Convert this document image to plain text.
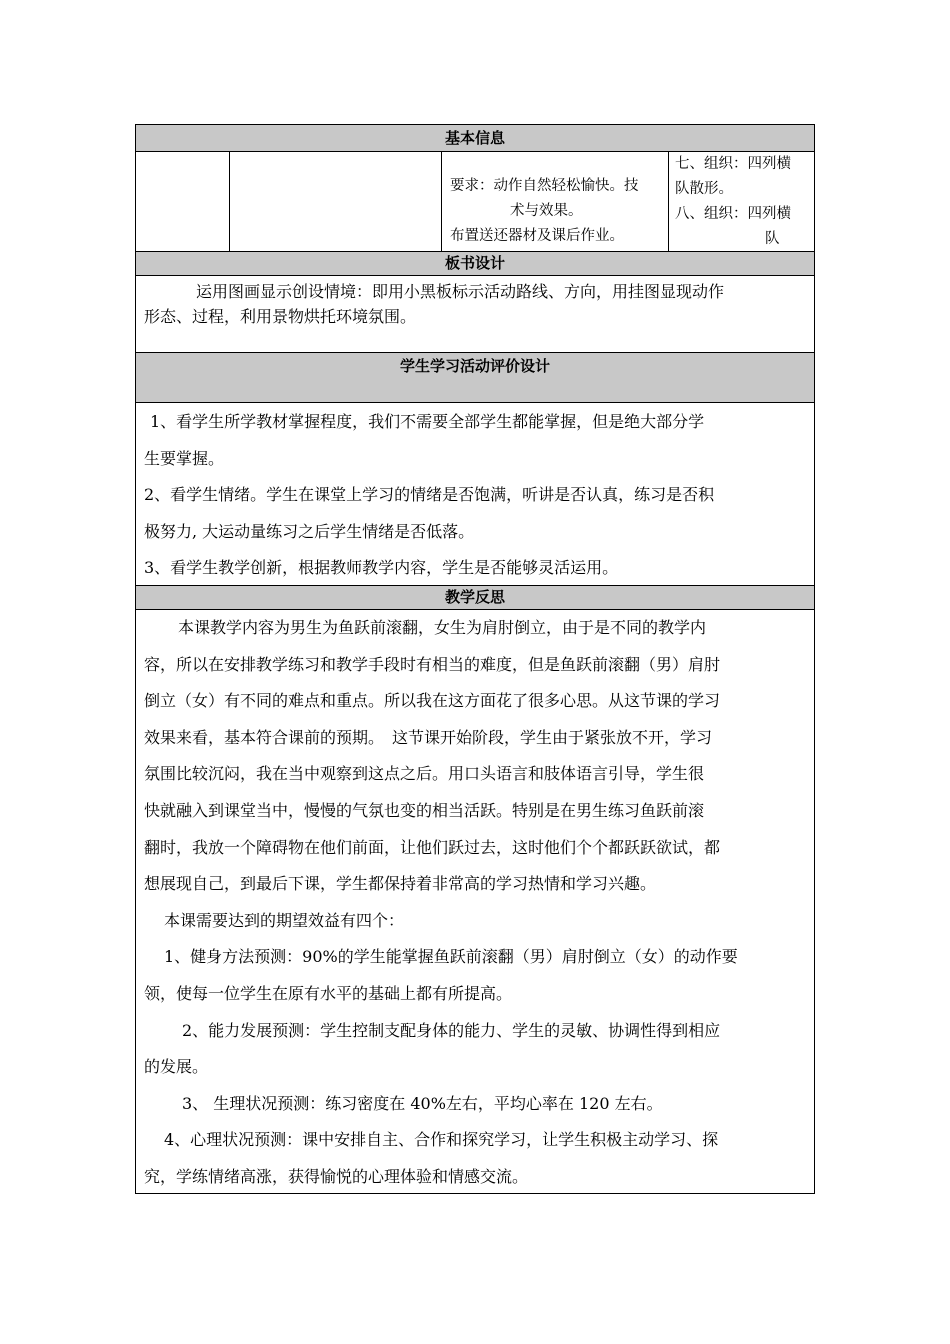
基本信息
要求：动作自然轻松愉快。技
术与效果。
布置送还器材及课后作业。
七、组织：四列横
队散形。
八、组织：四列横
队
板书设计
运用图画显示创设情境：即用小黑板标示活动路线、方向，用挂图显现动作
形态、过程，利用景物烘托环境氛围。
学生学习活动评价设计
1、看学生所学教材掌握程度，我们不需要全部学生都能掌握，但是绝大部分学
生要掌握。
2、看学生情绪。学生在课堂上学习的情绪是否饱满，听讲是否认真，练习是否积
极努力, 大运动量练习之后学生情绪是否低落。
3、看学生教学创新，根据教师教学内容，学生是否能够灵活运用。
教学反思
本课教学内容为男生为鱼跃前滚翻，女生为肩肘倒立，由于是不同的教学内
容，所以在安排教学练习和教学手段时有相当的难度，但是鱼跃前滚翻（男）肩肘
倒立（女）有不同的难点和重点。所以我在这方面花了很多心思。从这节课的学习
效果来看，基本符合课前的预期。　这节课开始阶段，学生由于紧张放不开，学习
氛围比较沉闷，我在当中观察到这点之后。用口头语言和肢体语言引导，学生很
快就融入到课堂当中，慢慢的气氛也变的相当活跃。特别是在男生练习鱼跃前滚
翻时，我放一个障碍物在他们前面，让他们跃过去，这时他们个个都跃跃欲试，都
想展现自己，到最后下课，学生都保持着非常高的学习热情和学习兴趣。
本课需要达到的期望效益有四个：
1、健身方法预测：90%的学生能掌握鱼跃前滚翻（男）肩肘倒立（女）的动作要
领，使每一位学生在原有水平的基础上都有所提高。
2、能力发展预测：学生控制支配身体的能力、学生的灵敏、协调性得到相应
的发展。
3、 生理状况预测：练习密度在 40%左右，平均心率在 120 左右。
4、心理状况预测：课中安排自主、合作和探究学习，让学生积极主动学习、探
究，学练情绪高涨，获得愉悦的心理体验和情感交流。
